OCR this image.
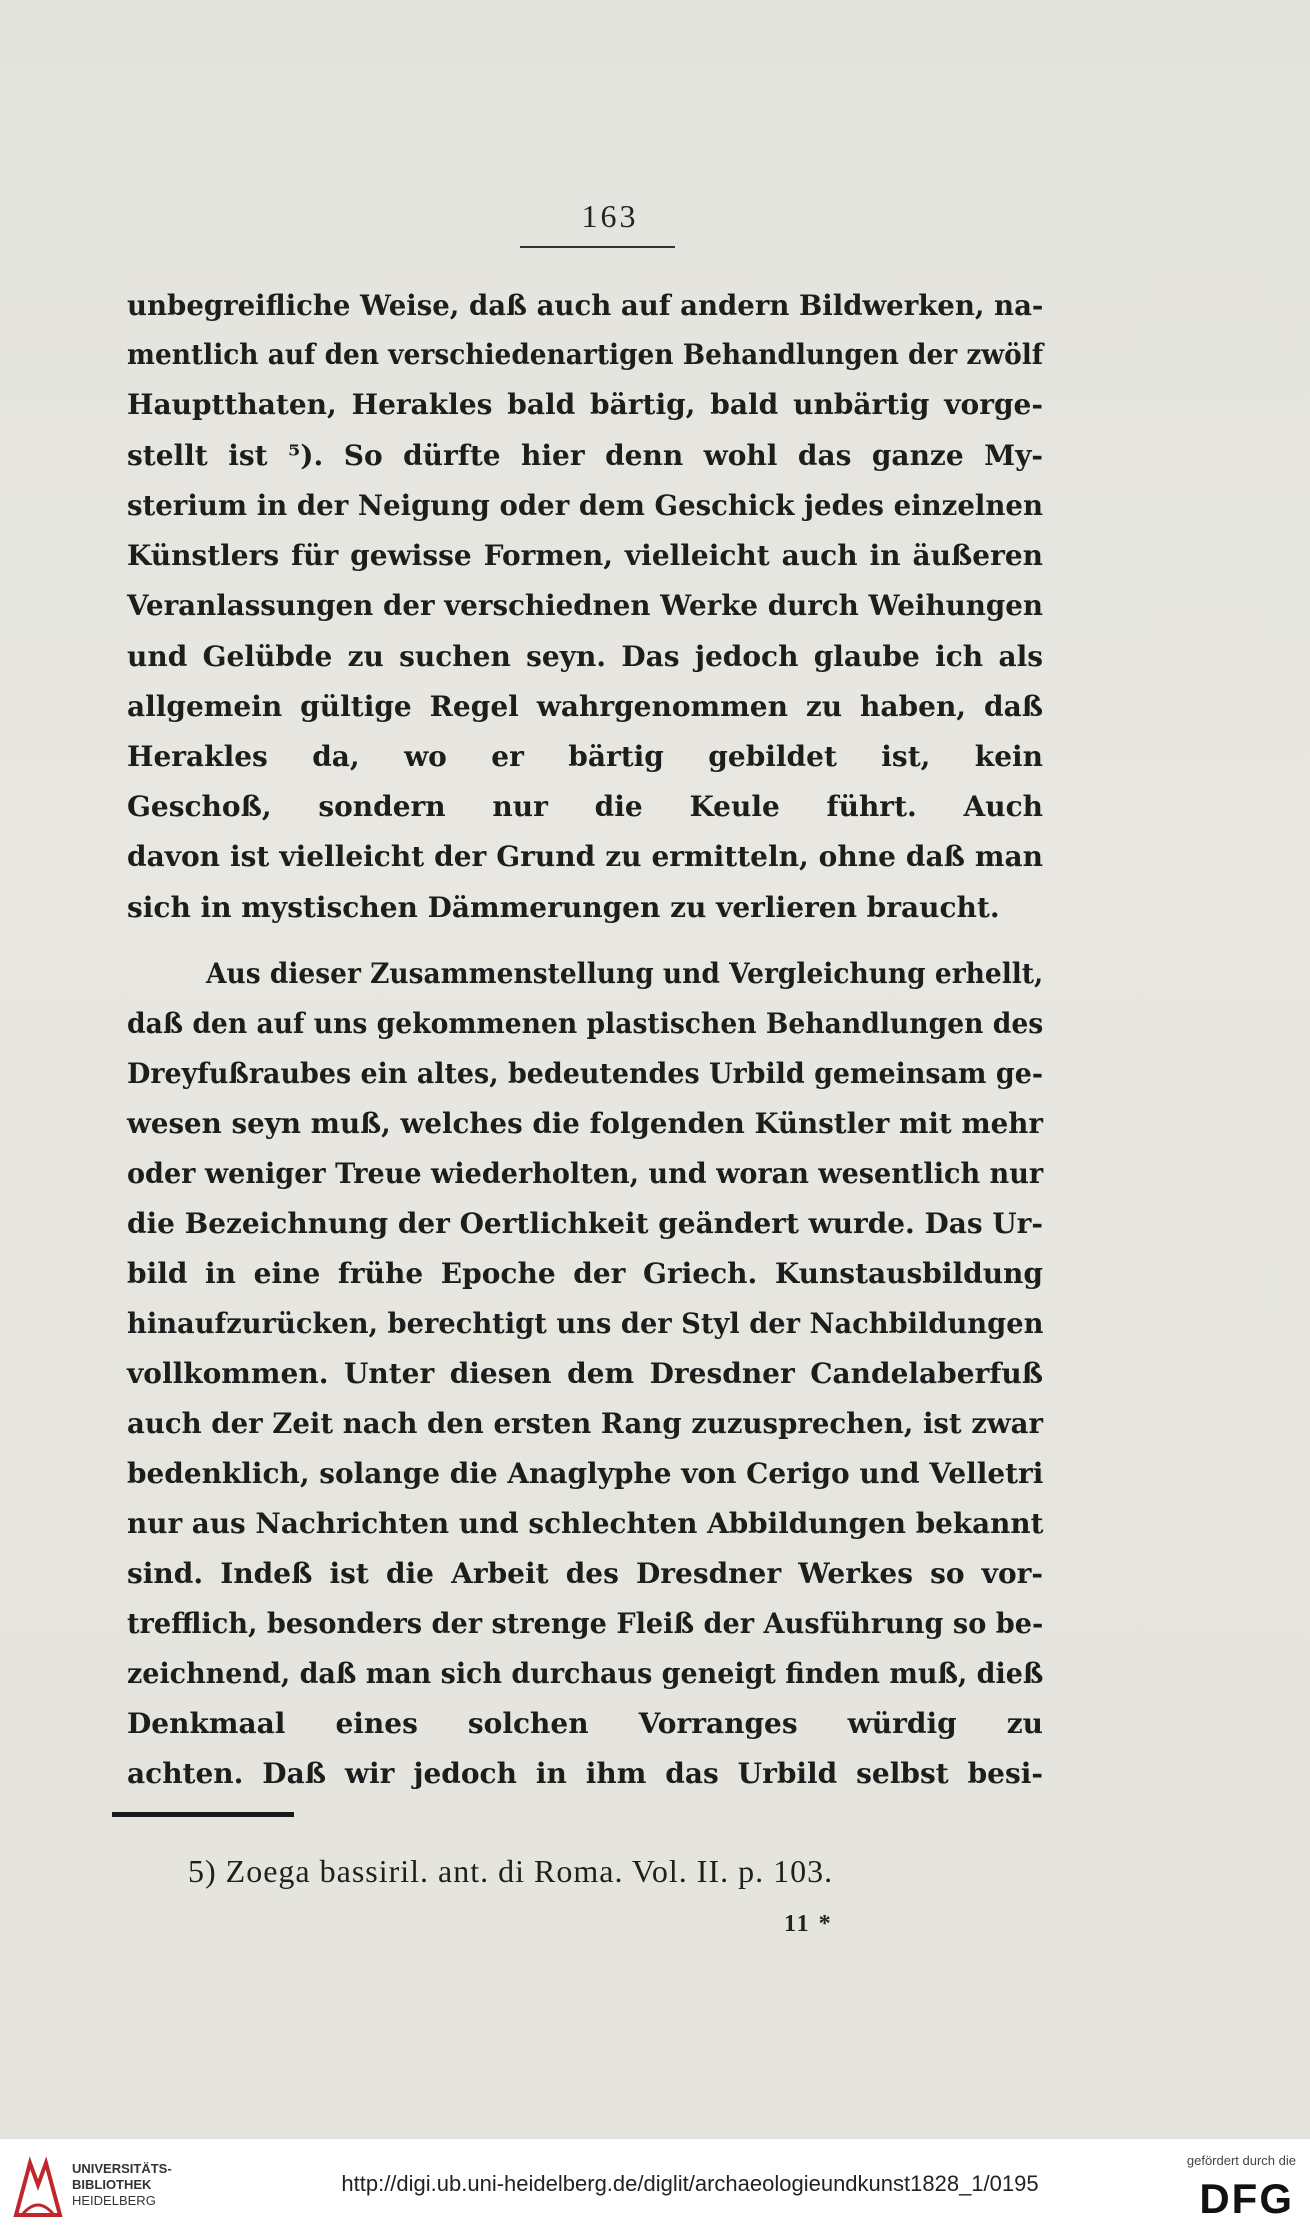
163
unbegreifliche Weise, daß auch auf andern Bildwerken, na-
mentlich auf den verschiedenartigen Behandlungen der zwölf
Hauptthaten, Herakles bald bärtig, bald unbärtig vorge-
stellt ist ⁵). So dürfte hier denn wohl das ganze My-
sterium in der Neigung oder dem Geschick jedes einzelnen
Künstlers für gewisse Formen, vielleicht auch in äußeren
Veranlassungen der verschiednen Werke durch Weihungen
und Gelübde zu suchen seyn. Das jedoch glaube ich als
allgemein gültige Regel wahrgenommen zu haben, daß
Herakles da, wo er bärtig gebildet ist, kein
Geschoß, sondern nur die Keule führt. Auch
davon ist vielleicht der Grund zu ermitteln, ohne daß man
sich in mystischen Dämmerungen zu verlieren braucht.
Aus dieser Zusammenstellung und Vergleichung erhellt,
daß den auf uns gekommenen plastischen Behandlungen des
Dreyfußraubes ein altes, bedeutendes Urbild gemeinsam ge-
wesen seyn muß, welches die folgenden Künstler mit mehr
oder weniger Treue wiederholten, und woran wesentlich nur
die Bezeichnung der Oertlichkeit geändert wurde. Das Ur-
bild in eine frühe Epoche der Griech. Kunstausbildung
hinaufzurücken, berechtigt uns der Styl der Nachbildungen
vollkommen. Unter diesen dem Dresdner Candelaberfuß
auch der Zeit nach den ersten Rang zuzusprechen, ist zwar
bedenklich, solange die Anaglyphe von Cerigo und Velletri
nur aus Nachrichten und schlechten Abbildungen bekannt
sind. Indeß ist die Arbeit des Dresdner Werkes so vor-
trefflich, besonders der strenge Fleiß der Ausführung so be-
zeichnend, daß man sich durchaus geneigt finden muß, dieß
Denkmaal eines solchen Vorranges würdig zu
achten. Daß wir jedoch in ihm das Urbild selbst besi-
5) Zoega bassiril. ant. di Roma. Vol. II. p. 103.
11 *
UNIVERSITÄTS-
BIBLIOTHEK
HEIDELBERG
http://digi.ub.uni-heidelberg.de/diglit/archaeologieundkunst1828_1/0195
gefördert durch die
DFG
